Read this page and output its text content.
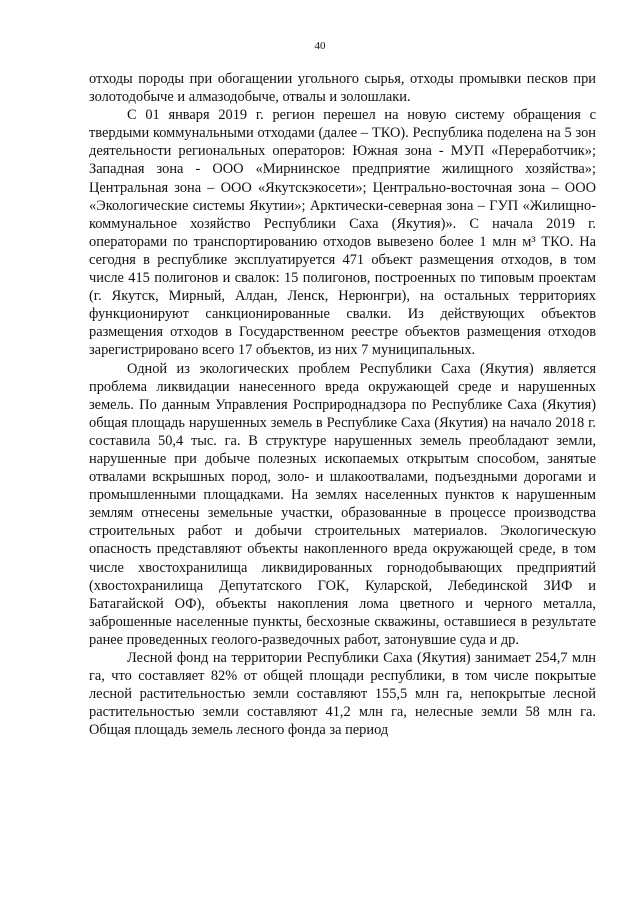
40

отходы породы при обогащении угольного сырья, отходы промывки песков при золотодобыче и алмазодобыче, отвалы и золошлаки.

С 01 января 2019 г. регион перешел на новую систему обращения с твердыми коммунальными отходами (далее – ТКО). Республика поделена на 5 зон деятельности региональных операторов: Южная зона - МУП «Переработчик»; Западная зона - ООО «Мирнинское предприятие жилищного хозяйства»; Центральная зона – ООО «Якутскэкосети»; Центрально-восточная зона – ООО «Экологические системы Якутии»; Арктически-северная зона – ГУП «Жилищно-коммунальное хозяйство Республики Саха (Якутия)». С начала 2019 г. операторами по транспортированию отходов вывезено более 1 млн м³ ТКО. На сегодня в республике эксплуатируется 471 объект размещения отходов, в том числе 415 полигонов и свалок: 15 полигонов, построенных по типовым проектам (г. Якутск, Мирный, Алдан, Ленск, Нерюнгри), на остальных территориях функционируют санкционированные свалки. Из действующих объектов размещения отходов в Государственном реестре объектов размещения отходов зарегистрировано всего 17 объектов, из них 7 муниципальных.

Одной из экологических проблем Республики Саха (Якутия) является проблема ликвидации нанесенного вреда окружающей среде и нарушенных земель. По данным Управления Росприроднадзора по Республике Саха (Якутия) общая площадь нарушенных земель в Республике Саха (Якутия) на начало 2018 г. составила 50,4 тыс. га. В структуре нарушенных земель преобладают земли, нарушенные при добыче полезных ископаемых открытым способом, занятые отвалами вскрышных пород, золо- и шлакоотвалами, подъездными дорогами и промышленными площадками. На землях населенных пунктов к нарушенным землям отнесены земельные участки, образованные в процессе производства строительных работ и добычи строительных материалов. Экологическую опасность представляют объекты накопленного вреда окружающей среде, в том числе хвостохранилища ликвидированных горнодобывающих предприятий (хвостохранилища Депутатского ГОК, Куларской, Лебединской ЗИФ и Батагайской ОФ), объекты накопления лома цветного и черного металла, заброшенные населенные пункты, бесхозные скважины, оставшиеся в результате ранее проведенных геолого-разведочных работ, затонувшие суда и др.

Лесной фонд на территории Республики Саха (Якутия) занимает 254,7 млн га, что составляет 82% от общей площади республики, в том числе покрытые лесной растительностью земли составляют 155,5 млн га, непокрытые лесной растительностью земли составляют 41,2 млн га, нелесные земли 58 млн га. Общая площадь земель лесного фонда за период
